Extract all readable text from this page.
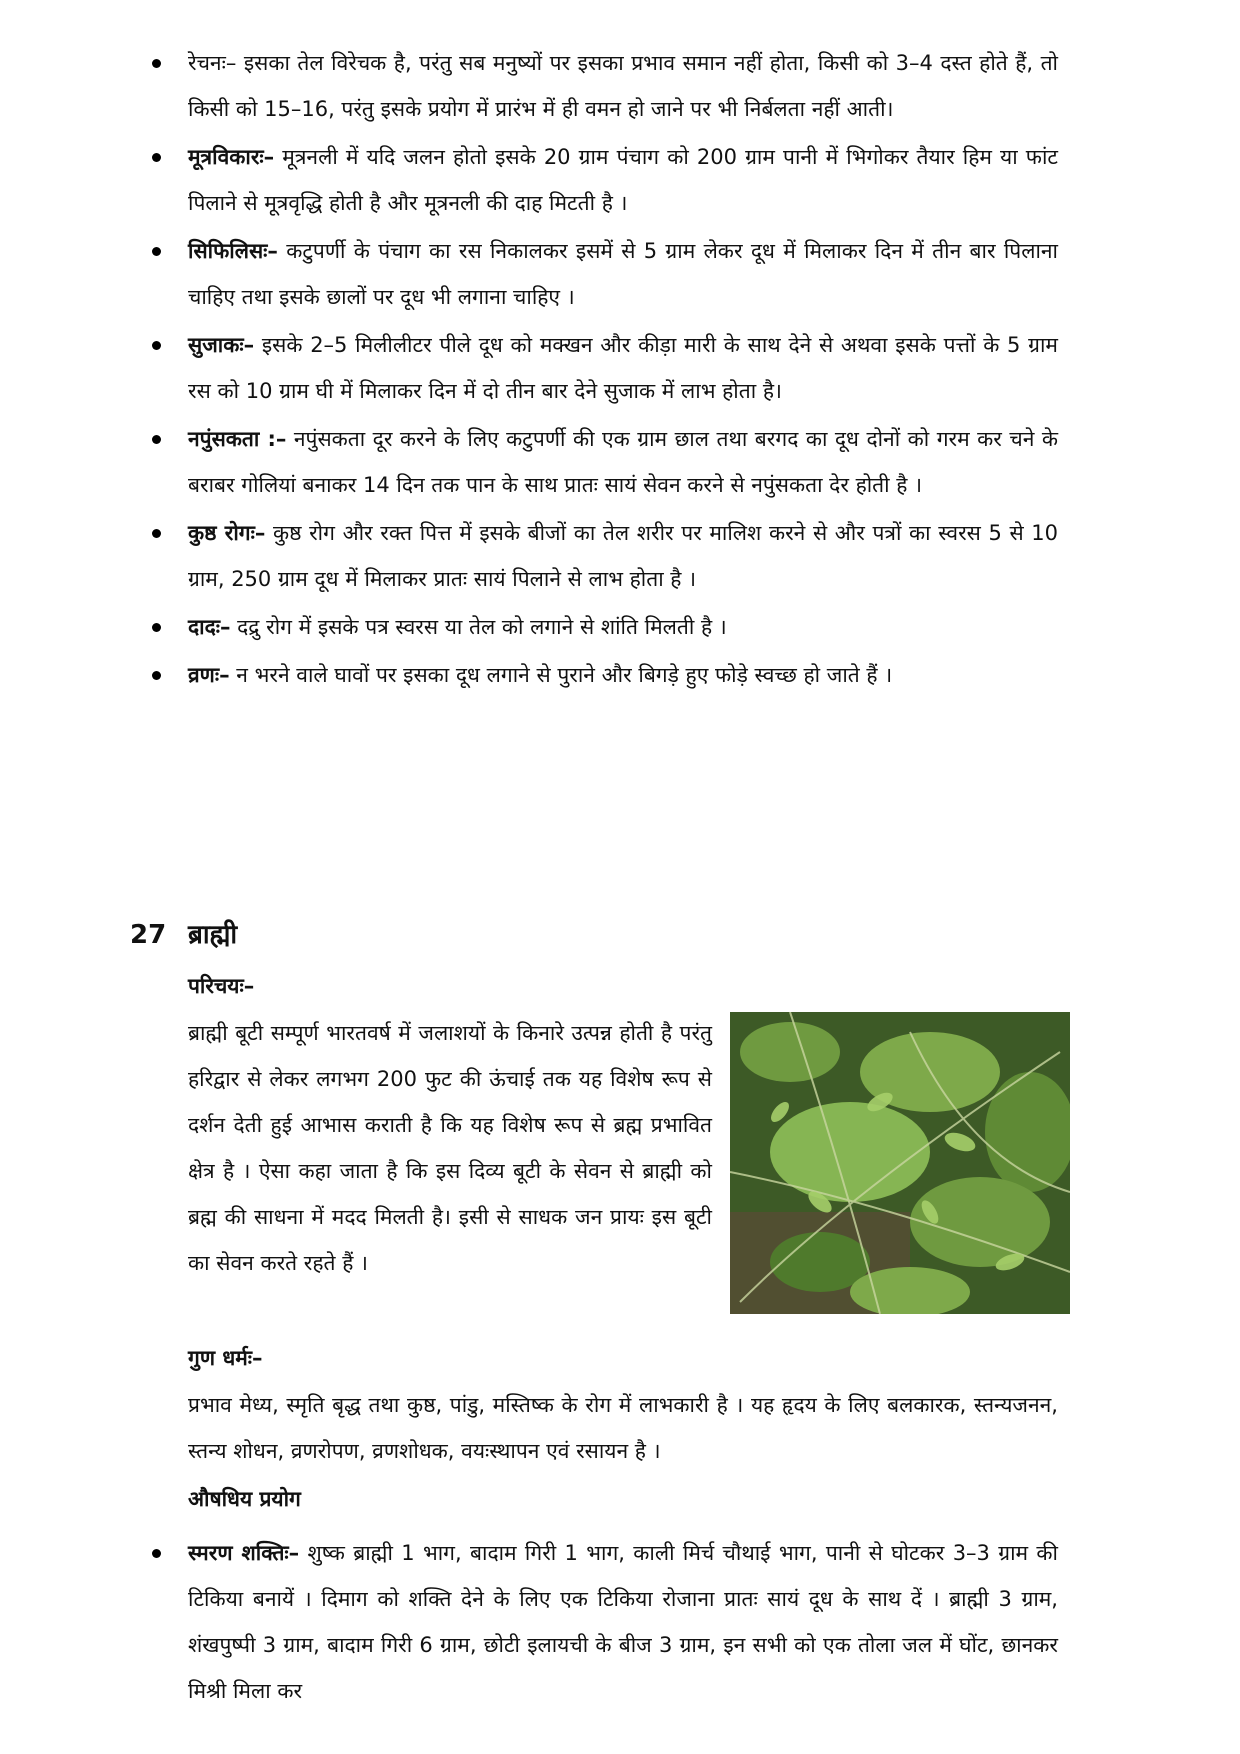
रेचनः– इसका तेल विरेचक है, परंतु सब मनुष्यों पर इसका प्रभाव समान नहीं होता, किसी को 3–4 दस्त होते हैं, तो किसी को 15–16, परंतु इसके प्रयोग में प्रारंभ में ही वमन हो जाने पर भी निर्बलता नहीं आती।
मूत्रविकारः– मूत्रनली में यदि जलन होतो इसके 20 ग्राम पंचाग को 200 ग्राम पानी में भिगोकर तैयार हिम या फांट पिलाने से मूत्रवृद्धि होती है और मूत्रनली की दाह मिटती है ।
सिफिलिसः– कटुपर्णी के पंचाग का रस निकालकर इसमें से 5 ग्राम लेकर दूध में मिलाकर दिन में तीन बार पिलाना चाहिए तथा इसके छालों पर दूध भी लगाना चाहिए ।
सुजाकः– इसके 2–5 मिलीलीटर पीले दूध को मक्खन और कीड़ा मारी के साथ देने से अथवा इसके पत्तों के 5 ग्राम रस को 10 ग्राम घी में मिलाकर दिन में दो तीन बार देने सुजाक में लाभ होता है।
नपुंसकता :– नपुंसकता दूर करने के लिए कटुपर्णी की एक ग्राम छाल तथा बरगद का दूध दोनों को गरम कर चने के बराबर गोलियां बनाकर 14 दिन तक पान के साथ प्रातः सायं सेवन करने से नपुंसकता देर होती है ।
कुष्ठ रोगः– कुष्ठ रोग और रक्त पित्त में इसके बीजों का तेल शरीर पर मालिश करने से और पत्रों का स्वरस 5 से 10 ग्राम, 250 ग्राम दूध में मिलाकर प्रातः सायं पिलाने से लाभ होता है ।
दादः– दद्रु रोग में इसके पत्र स्वरस या तेल को लगाने से शांति मिलती है ।
व्रणः– न भरने वाले घावों पर इसका दूध लगाने से पुराने और बिगड़े हुए फोड़े स्वच्छ हो जाते हैं ।
27 ब्राह्मी
परिचयः–
ब्राह्मी बूटी सम्पूर्ण भारतवर्ष में जलाशयों के किनारे उत्पन्न होती है परंतु हरिद्वार से लेकर लगभग 200 फुट की ऊंचाई तक यह विशेष रूप से दर्शन देती हुई आभास कराती है कि यह विशेष रूप से ब्रह्म प्रभावित क्षेत्र है । ऐसा कहा जाता है कि इस दिव्य बूटी के सेवन से ब्राह्मी को ब्रह्म की साधना में मदद मिलती है। इसी से साधक जन प्रायः इस बूटी का सेवन करते रहते हैं ।
गुण धर्मः–

प्रभाव मेध्य, स्मृति बृद्ध तथा कुष्ठ, पांडु, मस्तिष्क के रोग में लाभकारी है । यह हृदय के लिए बलकारक, स्तन्यजनन, स्तन्य शोधन, व्रणरोपण, व्रणशोधक, वयःस्थापन एवं रसायन है ।

औषधिय प्रयोग
स्मरण शक्तिः– शुष्क ब्राह्मी 1 भाग, बादाम गिरी 1 भाग, काली मिर्च चौथाई भाग, पानी से घोटकर 3–3 ग्राम की टिकिया बनायें । दिमाग को शक्ति देने के लिए एक टिकिया रोजाना प्रातः सायं दूध के साथ दें । ब्राह्मी 3 ग्राम, शंखपुष्पी 3 ग्राम, बादाम गिरी 6 ग्राम, छोटी इलायची के बीज 3 ग्राम, इन सभी को एक तोला जल में घोंट, छानकर मिश्री मिला कर
